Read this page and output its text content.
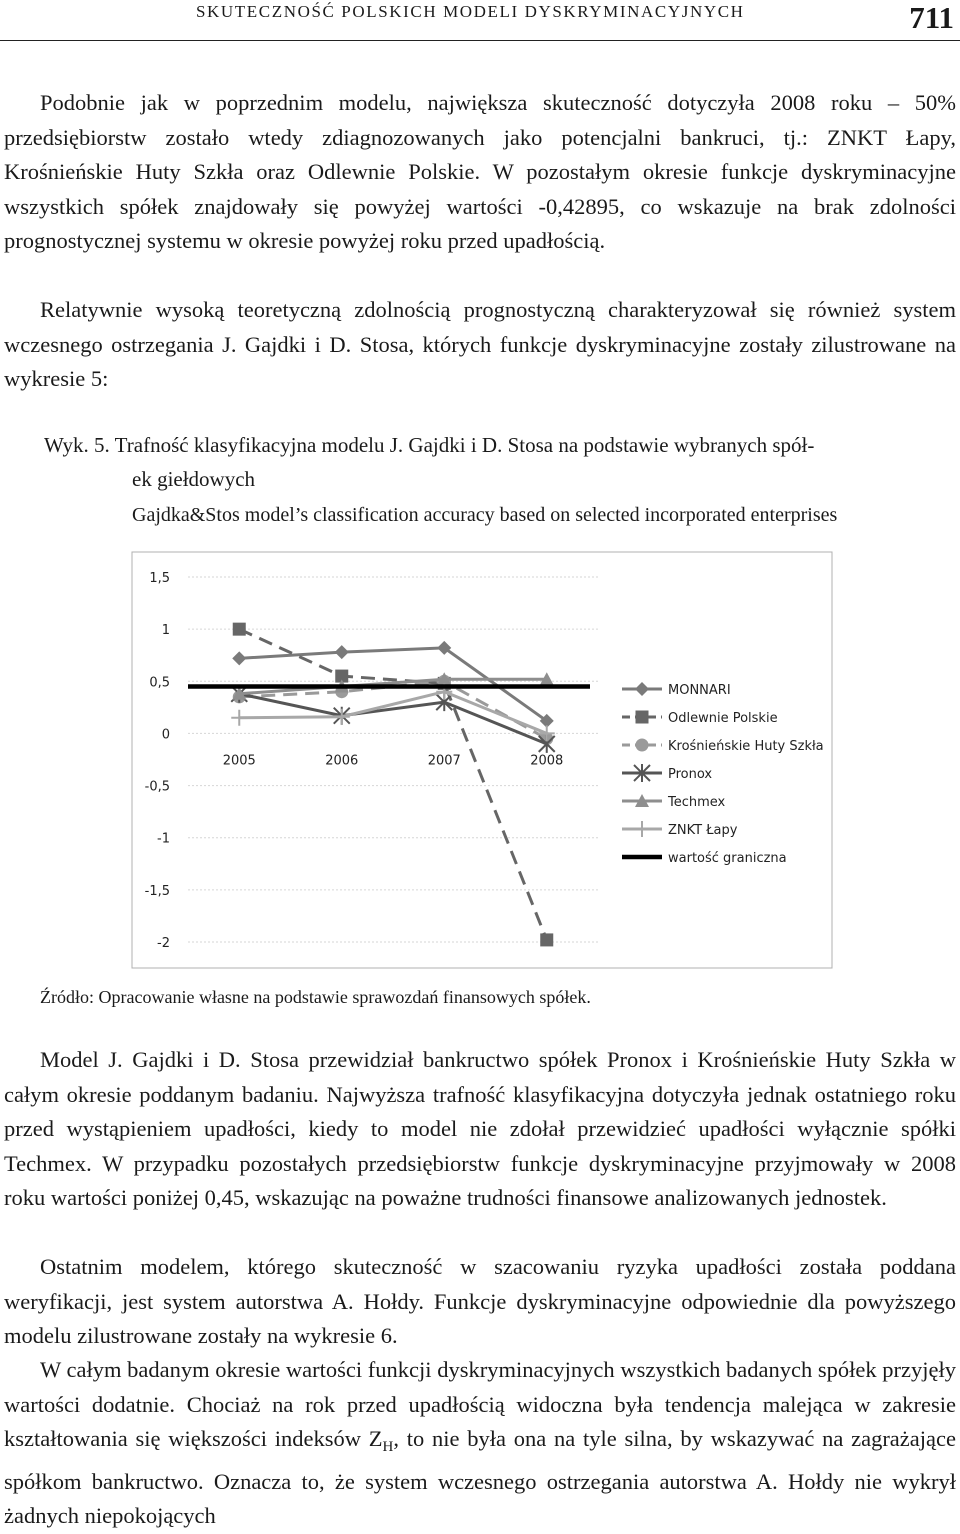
SKUTECZNOŚĆ POLSKICH MODELI DYSKRYMINACYJNYCH	711

Podobnie jak w poprzednim modelu, największa skuteczność dotyczyła 2008 roku – 50% przedsiębiorstw zostało wtedy zdiagnozowanych jako potencjalni bankruci, tj.: ZNKT Łapy, Krośnieńskie Huty Szkła oraz Odlewnie Polskie. W pozostałym okresie funkcje dyskryminacyjne wszystkich spółek znajdowały się powyżej wartości -0,42895, co wskazuje na brak zdolności prognostycznej systemu w okresie powyżej roku przed upadłością.

Relatywnie wysoką teoretyczną zdolnością prognostyczną charakteryzował się również system wczesnego ostrzegania J. Gajdki i D. Stosa, których funkcje dyskryminacyjne zostały zilustrowane na wykresie 5:

Wyk. 5. Trafność klasyfikacyjna modelu J. Gajdki i D. Stosa na podstawie wybranych spół-
ek giełdowych
Gajdka&Stos model’s classification accuracy based on selected incorporated enterprises
1,5
1
0,5
0
-0,5
-1
-1,5
-2
2005	2006	2007	2008
MONNARI
Odlewnie Polskie
Krośnieńskie Huty Szkła
Pronox
Techmex
ZNKT Łapy
wartość graniczna
Źródło: Opracowanie własne na podstawie sprawozdań finansowych spółek.

Model J. Gajdki i D. Stosa przewidział bankructwo spółek Pronox i Krośnieńskie Huty Szkła w całym okresie poddanym badaniu. Najwyższa trafność klasyfikacyjna dotyczyła jednak ostatniego roku przed wystąpieniem upadłości, kiedy to model nie zdołał przewidzieć upadłości wyłącznie spółki Techmex. W przypadku pozostałych przedsiębiorstw funkcje dyskryminacyjne przyjmowały w 2008 roku wartości poniżej 0,45, wskazując na poważne trudności finansowe analizowanych jednostek.

Ostatnim modelem, którego skuteczność w szacowaniu ryzyka upadłości została poddana weryfikacji, jest system autorstwa A. Hołdy. Funkcje dyskryminacyjne odpowiednie dla powyższego modelu zilustrowane zostały na wykresie 6.

W całym badanym okresie wartości funkcji dyskryminacyjnych wszystkich badanych spółek przyjęły wartości dodatnie. Chociaż na rok przed upadłością widoczna była tendencja malejąca w zakresie kształtowania się większości indeksów $Z_H$, to nie była ona na tyle silna, by wskazywać na zagrażające spółkom bankructwo. Oznacza to, że system wczesnego ostrzegania autorstwa A. Hołdy nie wykrył żadnych niepokojących
